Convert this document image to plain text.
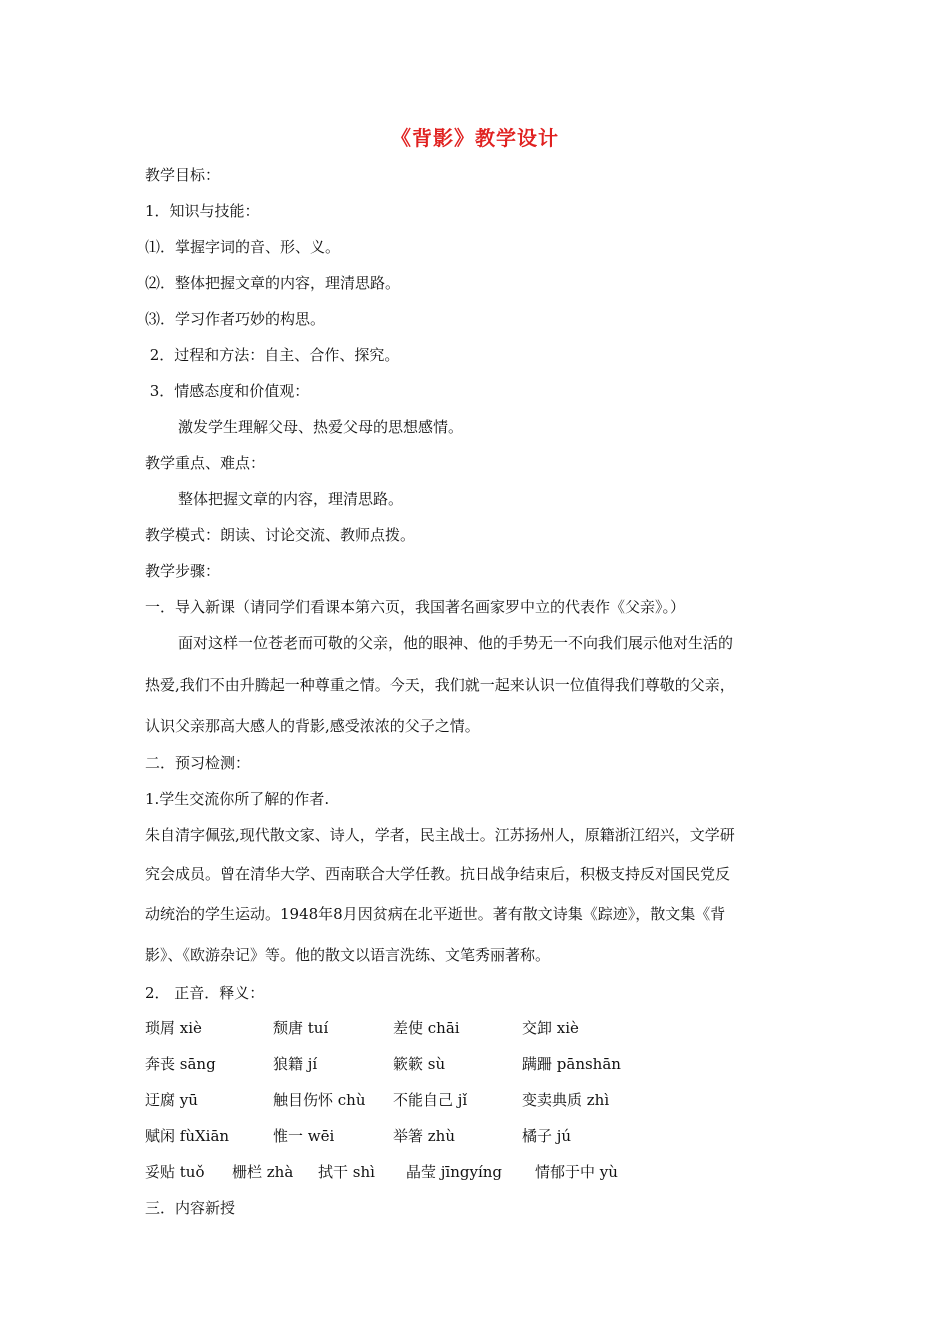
《背影》教学设计
教学目标：
1．知识与技能：
⑴．掌握字词的音、形、义。
⑵．整体把握文章的内容，理清思路。
⑶．学习作者巧妙的构思。
2．过程和方法：自主、合作、探究。
3．情感态度和价值观：
激发学生理解父母、热爱父母的思想感情。
教学重点、难点：
整体把握文章的内容，理清思路。
教学模式：朗读、讨论交流、教师点拨。
教学步骤：
一．导入新课（请同学们看课本第六页，我国著名画家罗中立的代表作《父亲》。）
面对这样一位苍老而可敬的父亲，他的眼神、他的手势无一不向我们展示他对生活的
热爱,我们不由升腾起一种尊重之情。今天，我们就一起来认识一位值得我们尊敬的父亲，
认识父亲那高大感人的背影,感受浓浓的父子之情。
二．预习检测：
1.学生交流你所了解的作者.
朱自清字佩弦,现代散文家、诗人，学者，民主战士。江苏扬州人，原籍浙江绍兴，文学研
究会成员。曾在清华大学、西南联合大学任教。抗日战争结束后，积极支持反对国民党反
动统治的学生运动。1948年8月因贫病在北平逝世。著有散文诗集《踪迹》，散文集《背
影》、《欧游杂记》等。他的散文以语言洗练、文笔秀丽著称。
2． 正音．释义：
琐屑 xiè	颓唐 tuí	差使 chāi	交卸 xiè
奔丧 sāng	狼籍 jí	簌簌 sù	蹒跚 pānshān
迂腐 yū	触目伤怀 chù 不能自己 jǐ	变卖典质 zhì
赋闲 fùXiān	惟一 wēi	举箸 zhù	橘子 jú
妥贴 tuǒ 栅栏 zhà 拭干 shì 晶莹 jīngyíng 情郁于中 yù
三．内容新授
